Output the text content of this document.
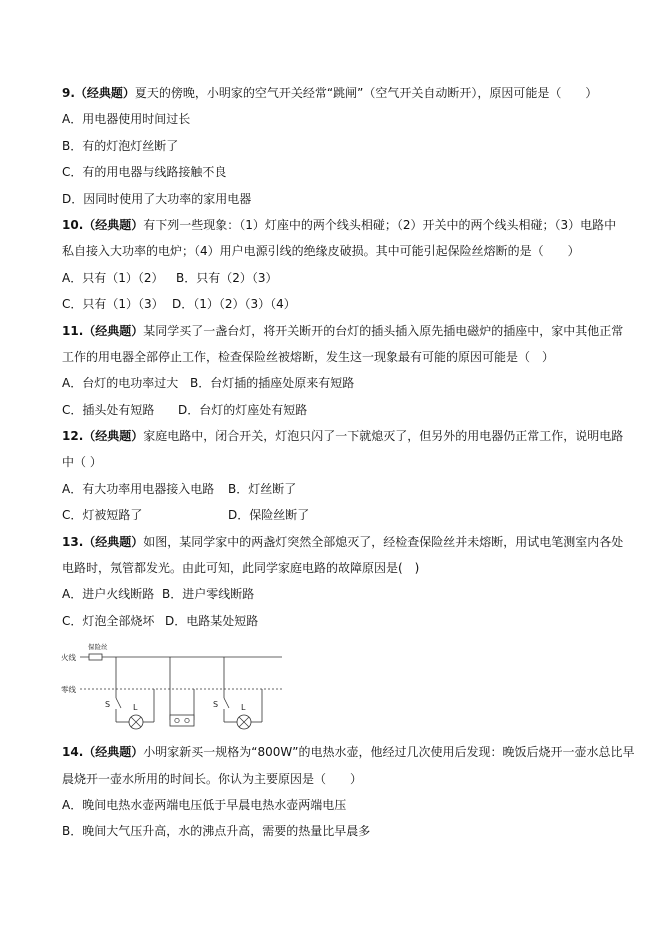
9.（经典题）夏天的傍晚，小明家的空气开关经常“跳闸”（空气开关自动断开），原因可能是（　　）
A．用电器使用时间过长
B．有的灯泡灯丝断了
C．有的用电器与线路接触不良
D．因同时使用了大功率的家用电器
10.（经典题）有下列一些现象：（1）灯座中的两个线头相碰；（2）开关中的两个线头相碰；（3）电路中
私自接入大功率的电炉；（4）用户电源引线的绝缘皮破损。其中可能引起保险丝熔断的是（　　）
A．只有（1）（2） B．只有（2）（3）
C．只有（1）（3） D．（1）（2）（3）（4）
11.（经典题）某同学买了一盏台灯，将开关断开的台灯的插头插入原先插电磁炉的插座中，家中其他正常
工作的用电器全部停止工作，检查保险丝被熔断，发生这一现象最有可能的原因可能是（　）
A．台灯的电功率过大 B．台灯插的插座处原来有短路
C．插头处有短路 D．台灯的灯座处有短路
12.（经典题）家庭电路中，闭合开关，灯泡只闪了一下就熄灭了，但另外的用电器仍正常工作，说明电路
中（ ）
A．有大功率用电器接入电路 B．灯丝断了
C．灯被短路了	D．保险丝断了
13.（经典题）如图，某同学家中的两盏灯突然全部熄灭了，经检查保险丝并未熔断，用试电笔测室内各处
电路时，氖管都发光。由此可知，此同学家庭电路的故障原因是(　)
A．进户火线断路 B．进户零线断路
C．灯泡全部烧坏 D．电路某处短路
火线
保险丝
零线
S	L	S	L
14.（经典题）小明家新买一规格为“800W”的电热水壶，他经过几次使用后发现：晚饭后烧开一壶水总比早
晨烧开一壶水所用的时间长。你认为主要原因是（　　）
A．晚间电热水壶两端电压低于早晨电热水壶两端电压
B．晚间大气压升高，水的沸点升高，需要的热量比早晨多
